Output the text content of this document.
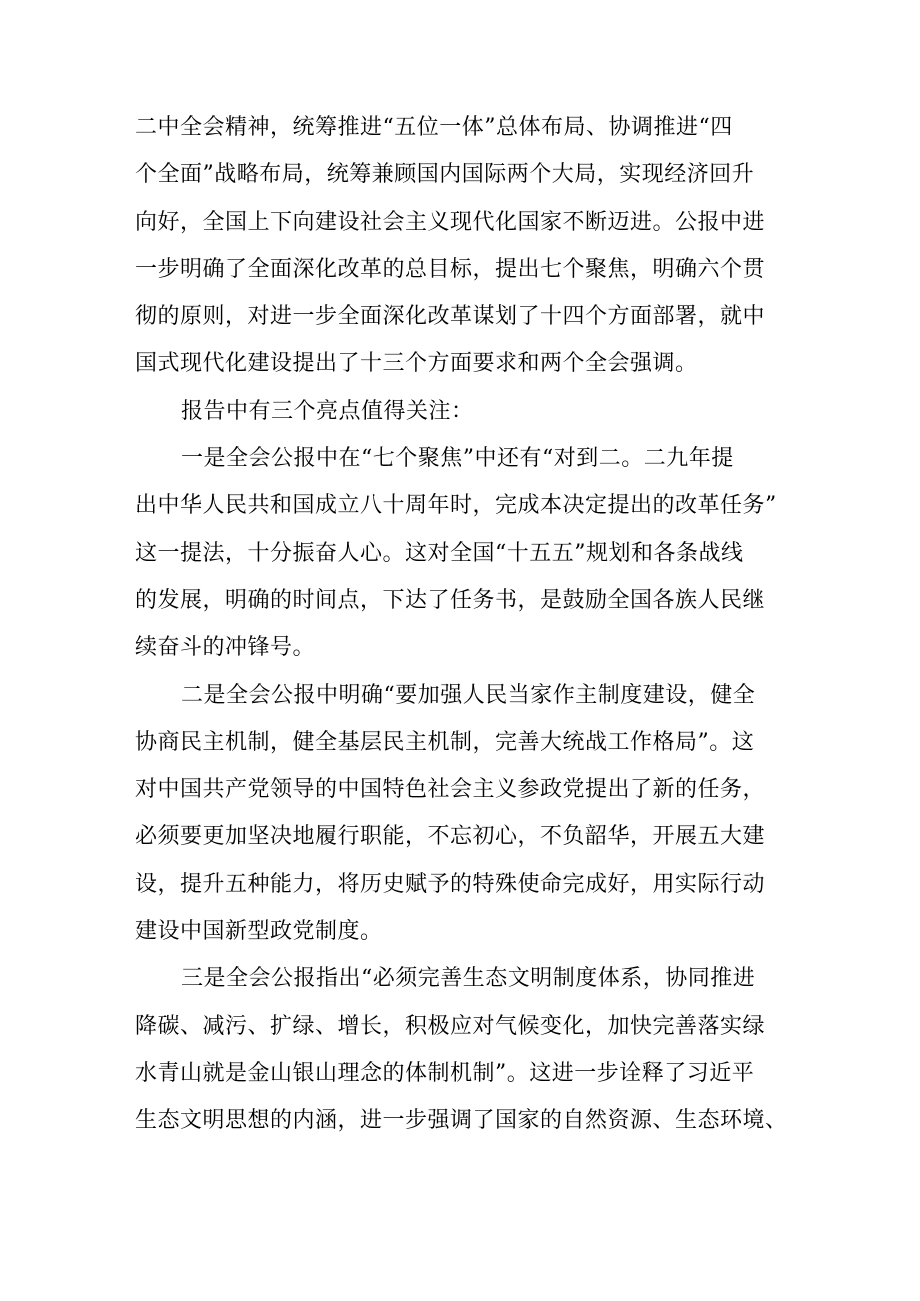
二中全会精神，统筹推进“五位一体”总体布局、协调推进“四
个全面”战略布局，统筹兼顾国内国际两个大局，实现经济回升
向好，全国上下向建设社会主义现代化国家不断迈进。公报中进
一步明确了全面深化改革的总目标，提出七个聚焦，明确六个贯
彻的原则，对进一步全面深化改革谋划了十四个方面部署，就中
国式现代化建设提出了十三个方面要求和两个全会强调。
报告中有三个亮点值得关注：
一是全会公报中在“七个聚焦”中还有“对到二。二九年提
出中华人民共和国成立八十周年时，完成本决定提出的改革任务”
这一提法，十分振奋人心。这对全国“十五五”规划和各条战线
的发展，明确的时间点，下达了任务书，是鼓励全国各族人民继
续奋斗的冲锋号。
二是全会公报中明确“要加强人民当家作主制度建设，健全
协商民主机制，健全基层民主机制，完善大统战工作格局”。这
对中国共产党领导的中国特色社会主义参政党提出了新的任务，
必须要更加坚决地履行职能，不忘初心，不负韶华，开展五大建
设，提升五种能力，将历史赋予的特殊使命完成好，用实际行动
建设中国新型政党制度。
三是全会公报指出“必须完善生态文明制度体系，协同推进
降碳、减污、扩绿、增长，积极应对气候变化，加快完善落实绿
水青山就是金山银山理念的体制机制”。这进一步诠释了习近平
生态文明思想的内涵，进一步强调了国家的自然资源、生态环境、
